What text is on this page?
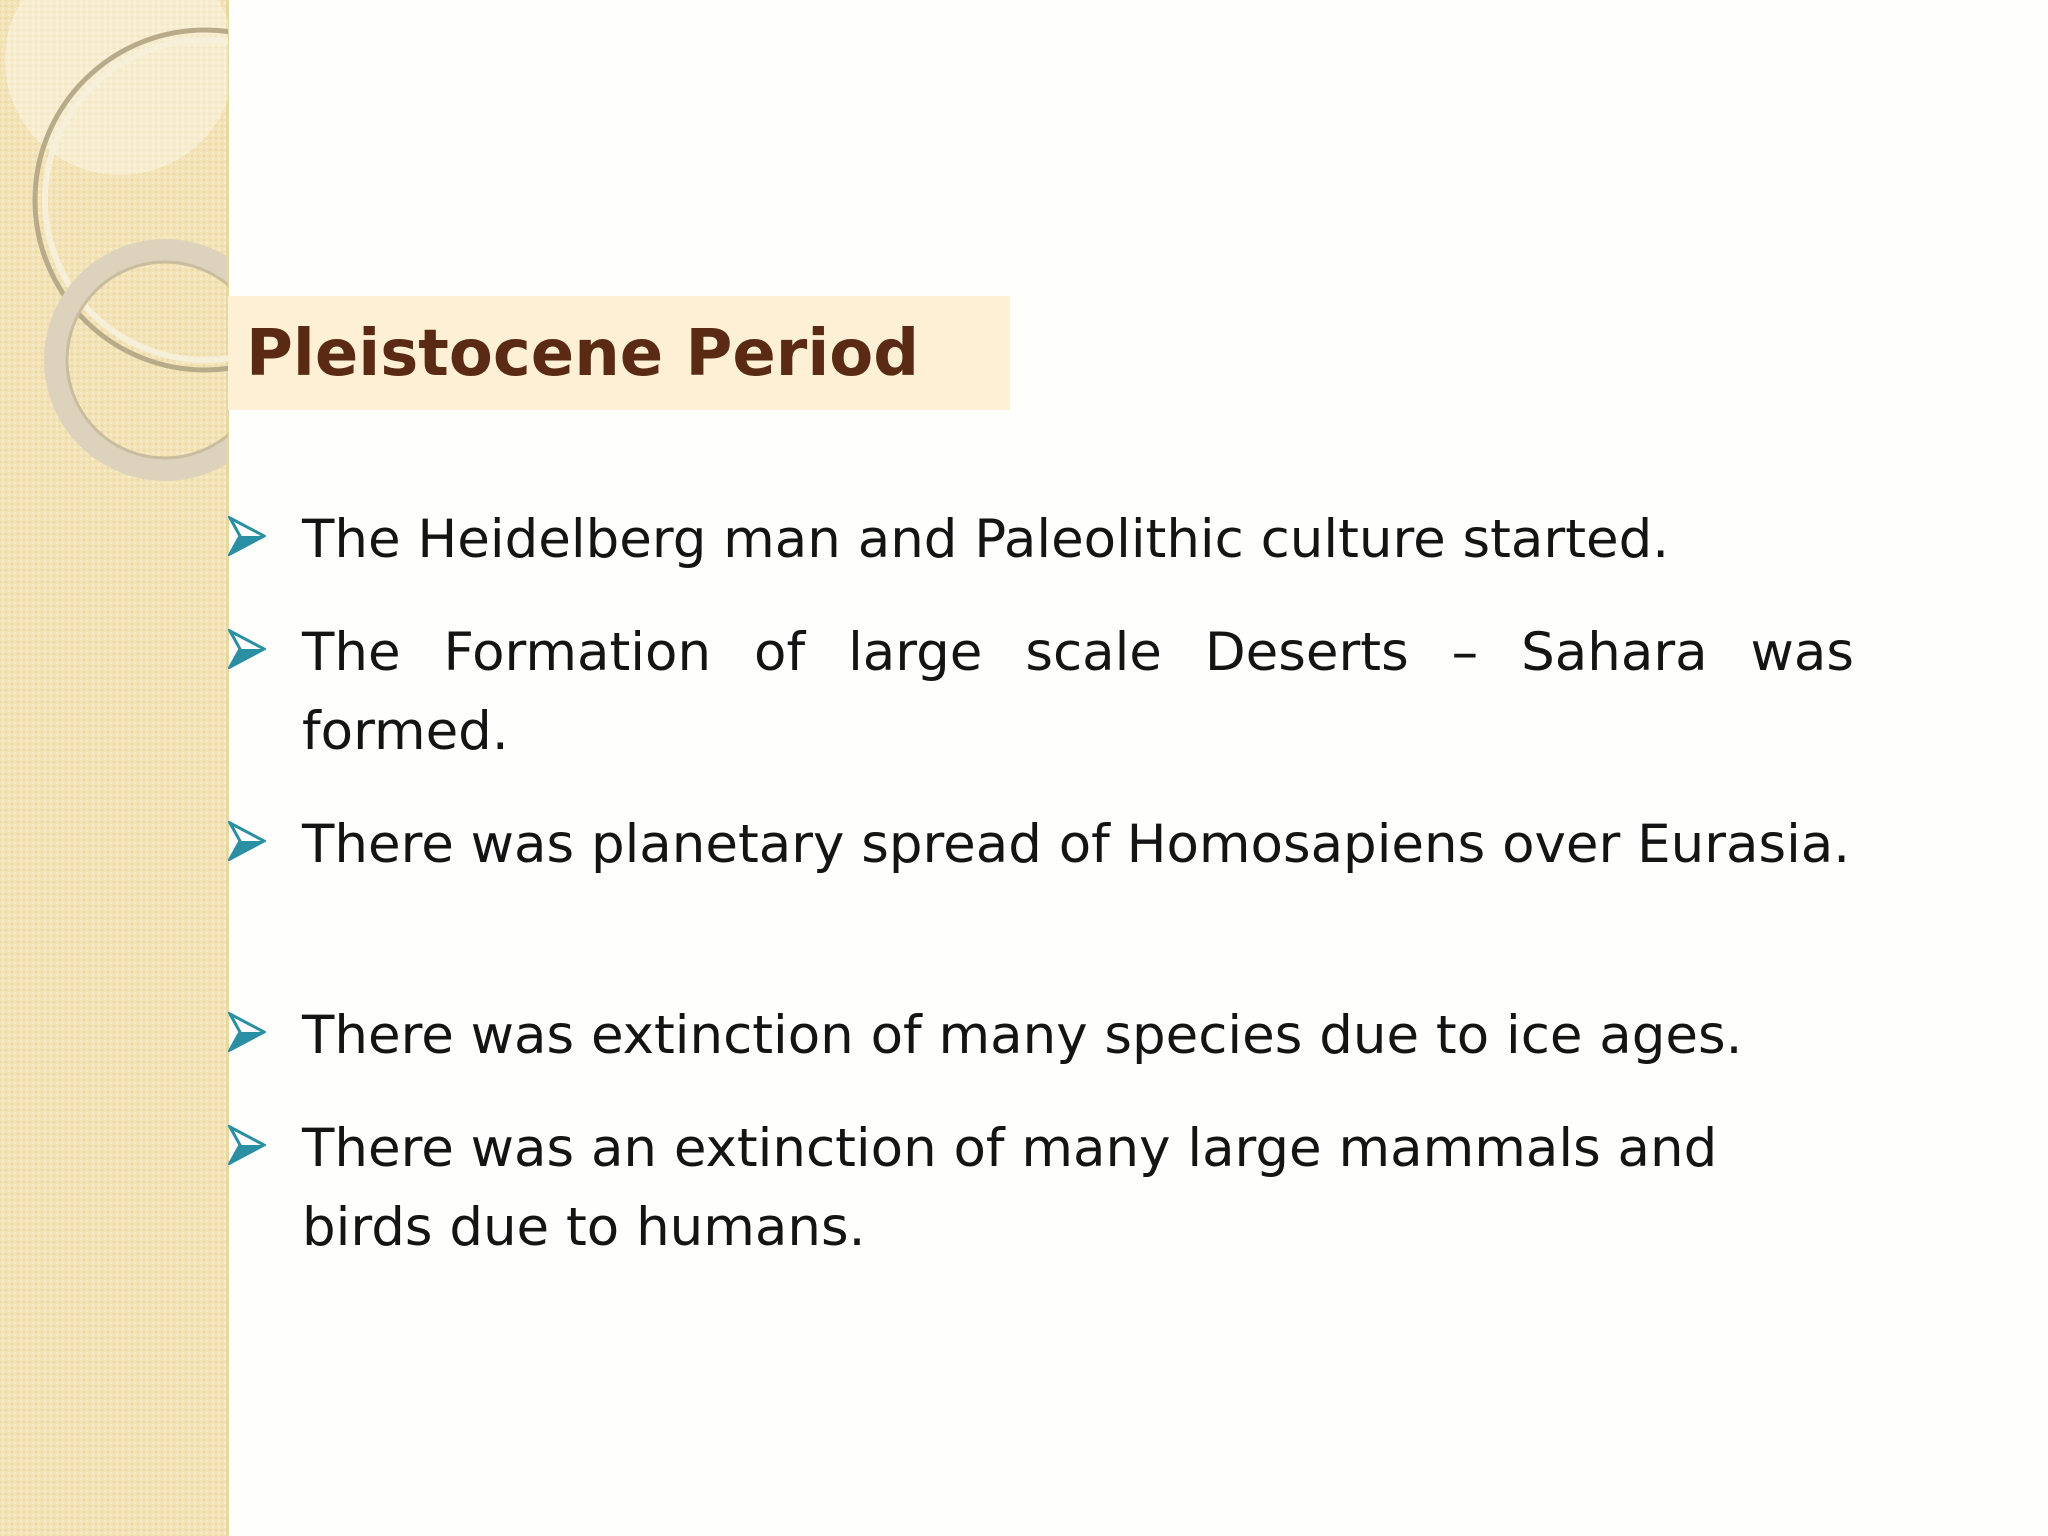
Pleistocene Period
The Heidelberg man and Paleolithic culture started.
The Formation of large scale Deserts – Sahara was formed.
There was planetary spread of Homosapiens over Eurasia.
There was extinction of many species due to ice ages.
There was an extinction of many large mammals and birds due to humans.
